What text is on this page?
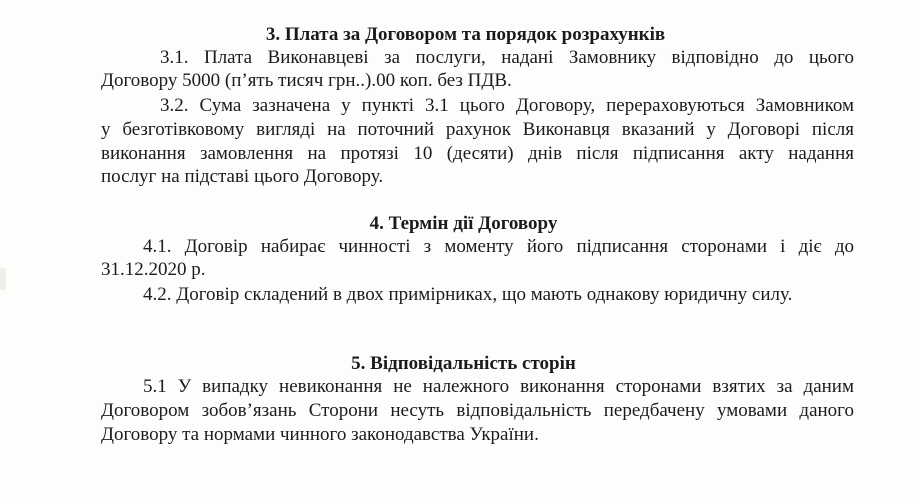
3. Плата за Договором та порядок розрахунків
3.1. Плата Виконавцеві за послуги, надані Замовнику відповідно до цього
Договору 5000 (п’ять тисяч грн..).00 коп. без ПДВ.
3.2. Сума зазначена у пункті 3.1 цього Договору, перераховуються Замовником
у безготівковому вигляді на поточний рахунок Виконавця вказаний у Договорі після
виконання замовлення на протязі 10 (десяти) днів після підписання акту надання
послуг на підставі цього Договору.
4. Термін дії Договору
4.1. Договір набирає чинності з моменту його підписання сторонами і діє до
31.12.2020 р.
4.2. Договір складений в двох примірниках, що мають однакову юридичну силу.
5. Відповідальність сторін
5.1 У випадку невиконання не належного виконання сторонами взятих за даним
Договором зобов’язань Сторони несуть відповідальність передбачену умовами даного
Договору та нормами чинного законодавства України.
